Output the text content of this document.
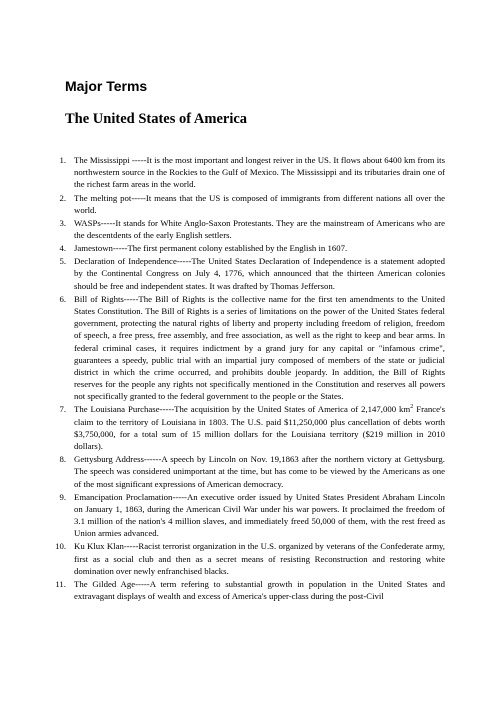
Major Terms
The United States of America
1. The Mississippi -----It is the most important and longest reiver in the US. It flows about 6400 km from its northwestern source in the Rockies to the Gulf of Mexico. The Mississippi and its tributaries drain one of the richest farm areas in the world.
2. The melting pot-----It means that the US is composed of immigrants from different nations all over the world.
3. WASPs-----It stands for White Anglo-Saxon Protestants. They are the mainstream of Americans who are the descentdents of the early English settlers.
4. Jamestown-----The first permanent colony established by the English in 1607.
5. Declaration of Independence-----The United States Declaration of Independence is a statement adopted by the Continental Congress on July 4, 1776, which announced that the thirteen American colonies should be free and independent states. It was drafted by Thomas Jefferson.
6. Bill of Rights-----The Bill of Rights is the collective name for the first ten amendments to the United States Constitution. The Bill of Rights is a series of limitations on the power of the United States federal government, protecting the natural rights of liberty and property including freedom of religion, freedom of speech, a free press, free assembly, and free association, as well as the right to keep and bear arms. In federal criminal cases, it requires indictment by a grand jury for any capital or "infamous crime", guarantees a speedy, public trial with an impartial jury composed of members of the state or judicial district in which the crime occurred, and prohibits double jeopardy. In addition, the Bill of Rights reserves for the people any rights not specifically mentioned in the Constitution and reserves all powers not specifically granted to the federal government to the people or the States.
7. The Louisiana Purchase-----The acquisition by the United States of America of 2,147,000 $km^2$ France's claim to the territory of Louisiana in 1803. The U.S. paid $11,250,000 plus cancellation of debts worth $3,750,000, for a total sum of 15 million dollars for the Louisiana territory ($219 million in 2010 dollars).
8. Gettysburg Address------A speech by Lincoln on Nov. 19,1863 after the northern victory at Gettysburg. The speech was considered unimportant at the time, but has come to be viewed by the Americans as one of the most significant expressions of American democracy.
9. Emancipation Proclamation-----An executive order issued by United States President Abraham Lincoln on January 1, 1863, during the American Civil War under his war powers. It proclaimed the freedom of 3.1 million of the nation's 4 million slaves, and immediately freed 50,000 of them, with the rest freed as Union armies advanced.
10. Ku Klux Klan-----Racist terrorist organization in the U.S. organized by veterans of the Confederate army, first as a social club and then as a secret means of resisting Reconstruction and restoring white domination over newly enfranchised blacks.
11. The Gilded Age-----A term refering to substantial growth in population in the United States and extravagant displays of wealth and excess of America's upper-class during the post-Civil
